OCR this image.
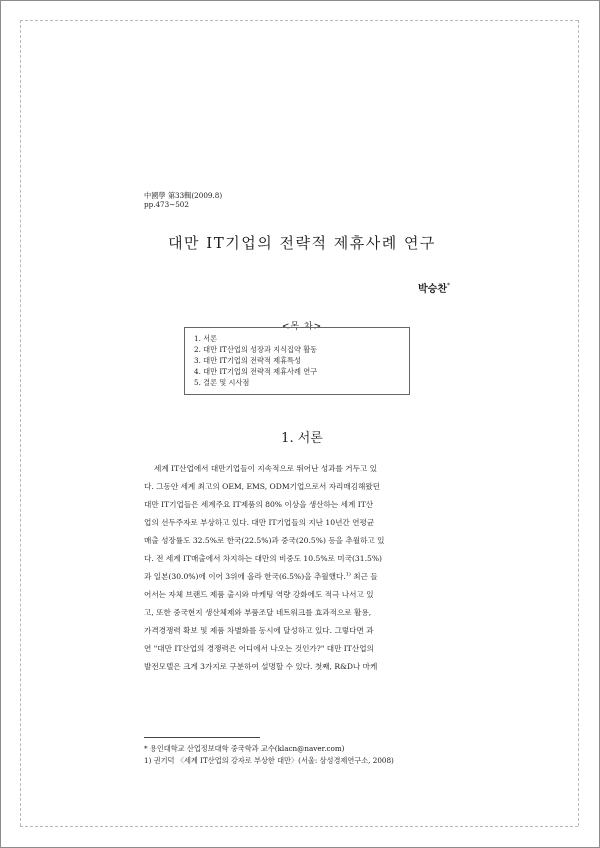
中國學 第33輯(2009.8)
pp.473~502
대만 IT기업의 전략적 제휴사례 연구
박승찬*
<목 차>
1. 서론
2. 대만 IT산업의 성장과 지식집약 활동
3. 대만 IT기업의 전략적 제휴특성
4. 대만 IT기업의 전략적 제휴사례 연구
5. 결론 및 시사점
1. 서론
세계 IT산업에서 대만기업들이 지속적으로 뛰어난 성과를 거두고 있
다. 그동안 세계 최고의 OEM, EMS, ODM기업으로서 자리매김해왔던
대만 IT기업들은 세계주요 IT제품의 80% 이상을 생산하는 세계 IT산
업의 선두주자로 부상하고 있다. 대만 IT기업들의 지난 10년간 연평균
매출 성장률도 32.5%로 한국(22.5%)과 중국(20.5%) 등을 추월하고 있
다. 전 세계 IT매출에서 차지하는 대만의 비중도 10.5%로 미국(31.5%)
과 일본(30.0%)에 이어 3위에 올라 한국(6.5%)을 추월했다.$^{1)}$ 최근 들
어서는 자체 브랜드 제품 출시와 마케팅 역량 강화에도 적극 나서고 있
고, 또한 중국현지 생산체제와 부품조달 네트워크를 효과적으로 활용,
가격경쟁력 확보 및 제품 차별화를 동시에 달성하고 있다. 그렇다면 과
연 "대만 IT산업의 경쟁력은 어디에서 나오는 것인가?" 대만 IT산업의
발전모델은 크게 3가지로 구분하여 설명할 수 있다. 첫째, R&D나 마케
* 용인대학교 산업정보대학 중국학과 교수(klacn@naver.com)
1) 권기덕 〈세계 IT산업의 강자로 부상한 대만〉(서울: 삼성경제연구소, 2008)
